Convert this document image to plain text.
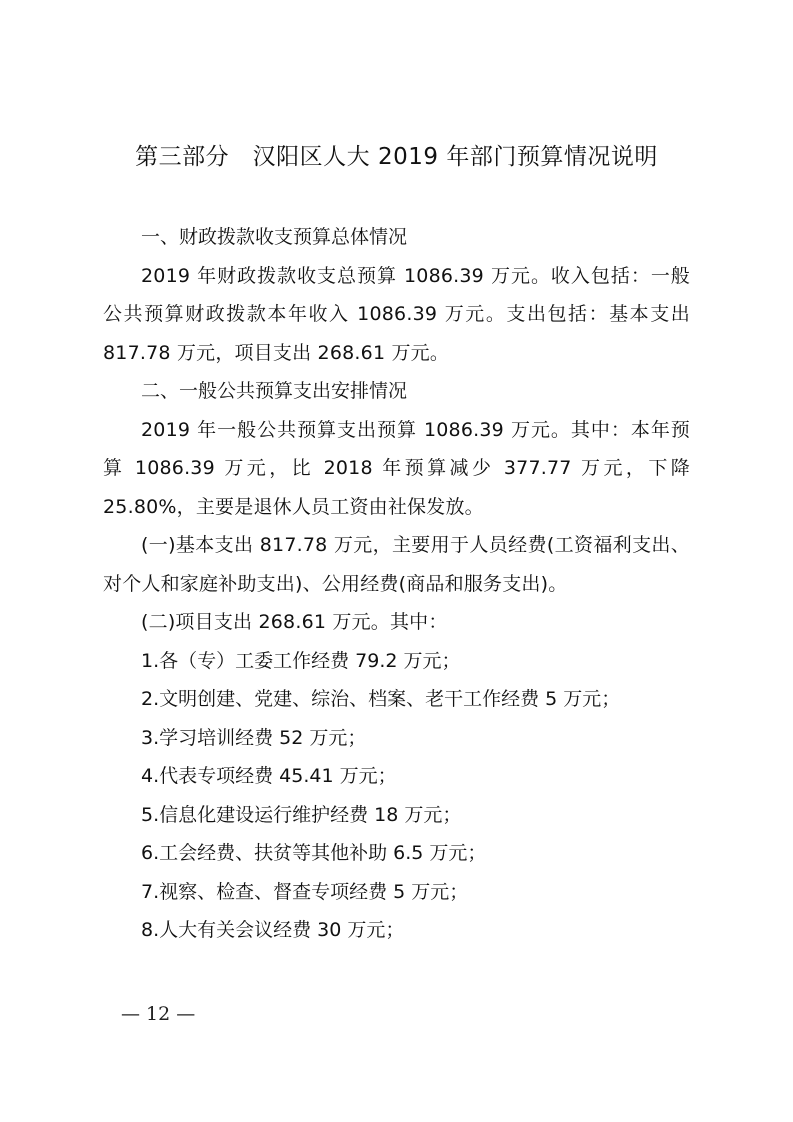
第三部分　汉阳区人大 2019 年部门预算情况说明

一、财政拨款收支预算总体情况

2019 年财政拨款收支总预算 1086.39 万元。收入包括：一般公共预算财政拨款本年收入 1086.39 万元。支出包括：基本支出 817.78 万元，项目支出 268.61 万元。

二、一般公共预算支出安排情况

2019 年一般公共预算支出预算 1086.39 万元。其中：本年预算 1086.39 万元，比 2018 年预算减少 377.77 万元，下降 25.80%，主要是退休人员工资由社保发放。

(一)基本支出 817.78 万元，主要用于人员经费(工资福利支出、对个人和家庭补助支出)、公用经费(商品和服务支出)。

(二)项目支出 268.61 万元。其中：

1.各（专）工委工作经费 79.2 万元；

2.文明创建、党建、综治、档案、老干工作经费 5 万元；

3.学习培训经费 52 万元；

4.代表专项经费 45.41 万元；

5.信息化建设运行维护经费 18 万元；

6.工会经费、扶贫等其他补助 6.5 万元；

7.视察、检查、督查专项经费 5 万元；

8.人大有关会议经费 30 万元；

— 12 —
